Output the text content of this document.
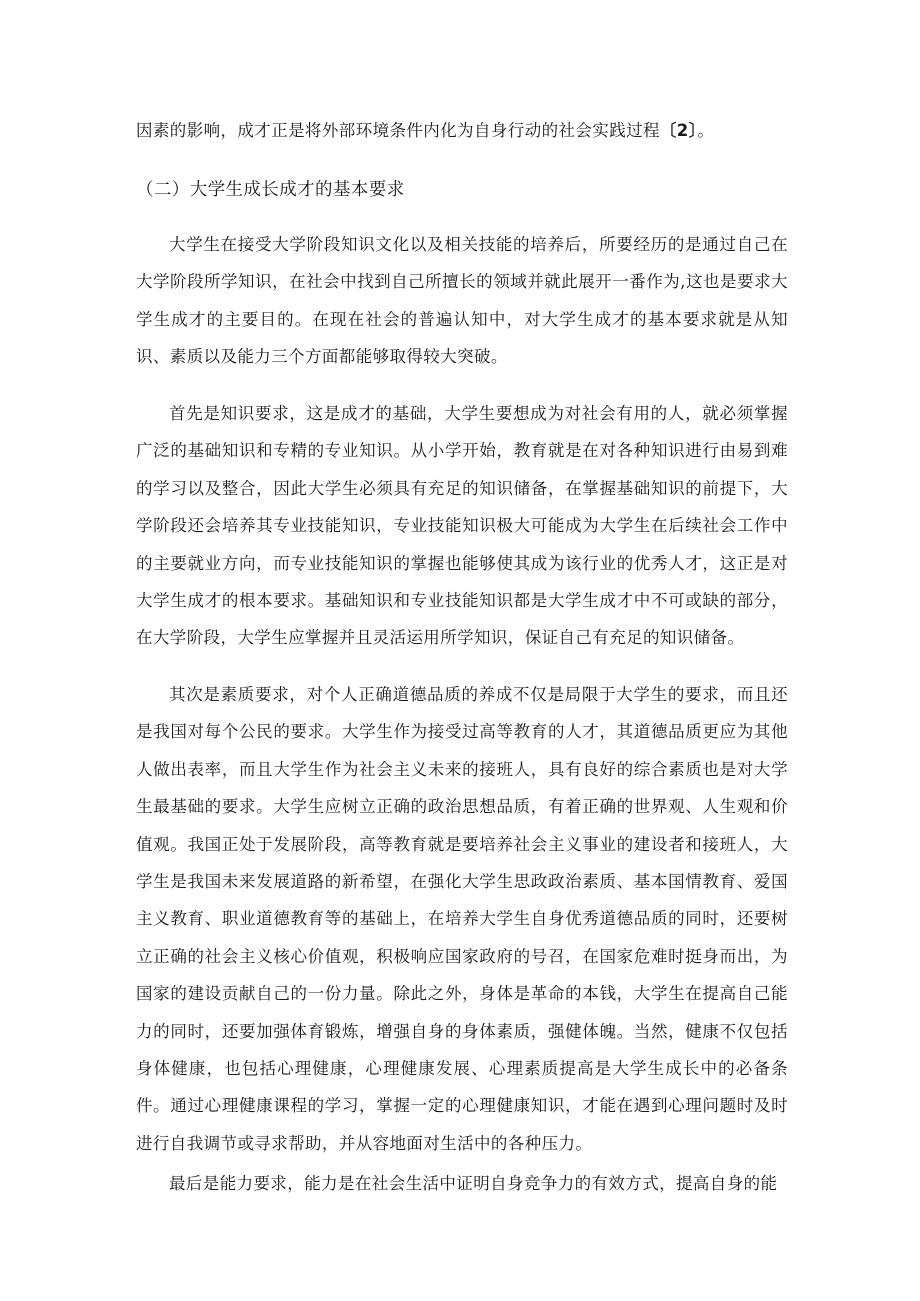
因素的影响，成才正是将外部环境条件内化为自身行动的社会实践过程〔2〕。

（二）大学生成长成才的基本要求

大学生在接受大学阶段知识文化以及相关技能的培养后，所要经历的是通过自己在大学阶段所学知识，在社会中找到自己所擅长的领域并就此展开一番作为,这也是要求大学生成才的主要目的。在现在社会的普遍认知中，对大学生成才的基本要求就是从知识、素质以及能力三个方面都能够取得较大突破。

首先是知识要求，这是成才的基础，大学生要想成为对社会有用的人，就必须掌握广泛的基础知识和专精的专业知识。从小学开始，教育就是在对各种知识进行由易到难的学习以及整合，因此大学生必须具有充足的知识储备，在掌握基础知识的前提下，大学阶段还会培养其专业技能知识，专业技能知识极大可能成为大学生在后续社会工作中的主要就业方向，而专业技能知识的掌握也能够使其成为该行业的优秀人才，这正是对大学生成才的根本要求。基础知识和专业技能知识都是大学生成才中不可或缺的部分，在大学阶段，大学生应掌握并且灵活运用所学知识，保证自己有充足的知识储备。

其次是素质要求，对个人正确道德品质的养成不仅是局限于大学生的要求，而且还是我国对每个公民的要求。大学生作为接受过高等教育的人才，其道德品质更应为其他人做出表率，而且大学生作为社会主义未来的接班人，具有良好的综合素质也是对大学生最基础的要求。大学生应树立正确的政治思想品质，有着正确的世界观、人生观和价值观。我国正处于发展阶段，高等教育就是要培养社会主义事业的建设者和接班人，大学生是我国未来发展道路的新希望，在强化大学生思政政治素质、基本国情教育、爱国主义教育、职业道德教育等的基础上，在培养大学生自身优秀道德品质的同时，还要树立正确的社会主义核心价值观，积极响应国家政府的号召，在国家危难时挺身而出，为国家的建设贡献自己的一份力量。除此之外，身体是革命的本钱，大学生在提高自己能力的同时，还要加强体育锻炼，增强自身的身体素质，强健体魄。当然，健康不仅包括身体健康，也包括心理健康，心理健康发展、心理素质提高是大学生成长中的必备条件。通过心理健康课程的学习，掌握一定的心理健康知识，才能在遇到心理问题时及时进行自我调节或寻求帮助，并从容地面对生活中的各种压力。

最后是能力要求，能力是在社会生活中证明自身竞争力的有效方式，提高自身的能
